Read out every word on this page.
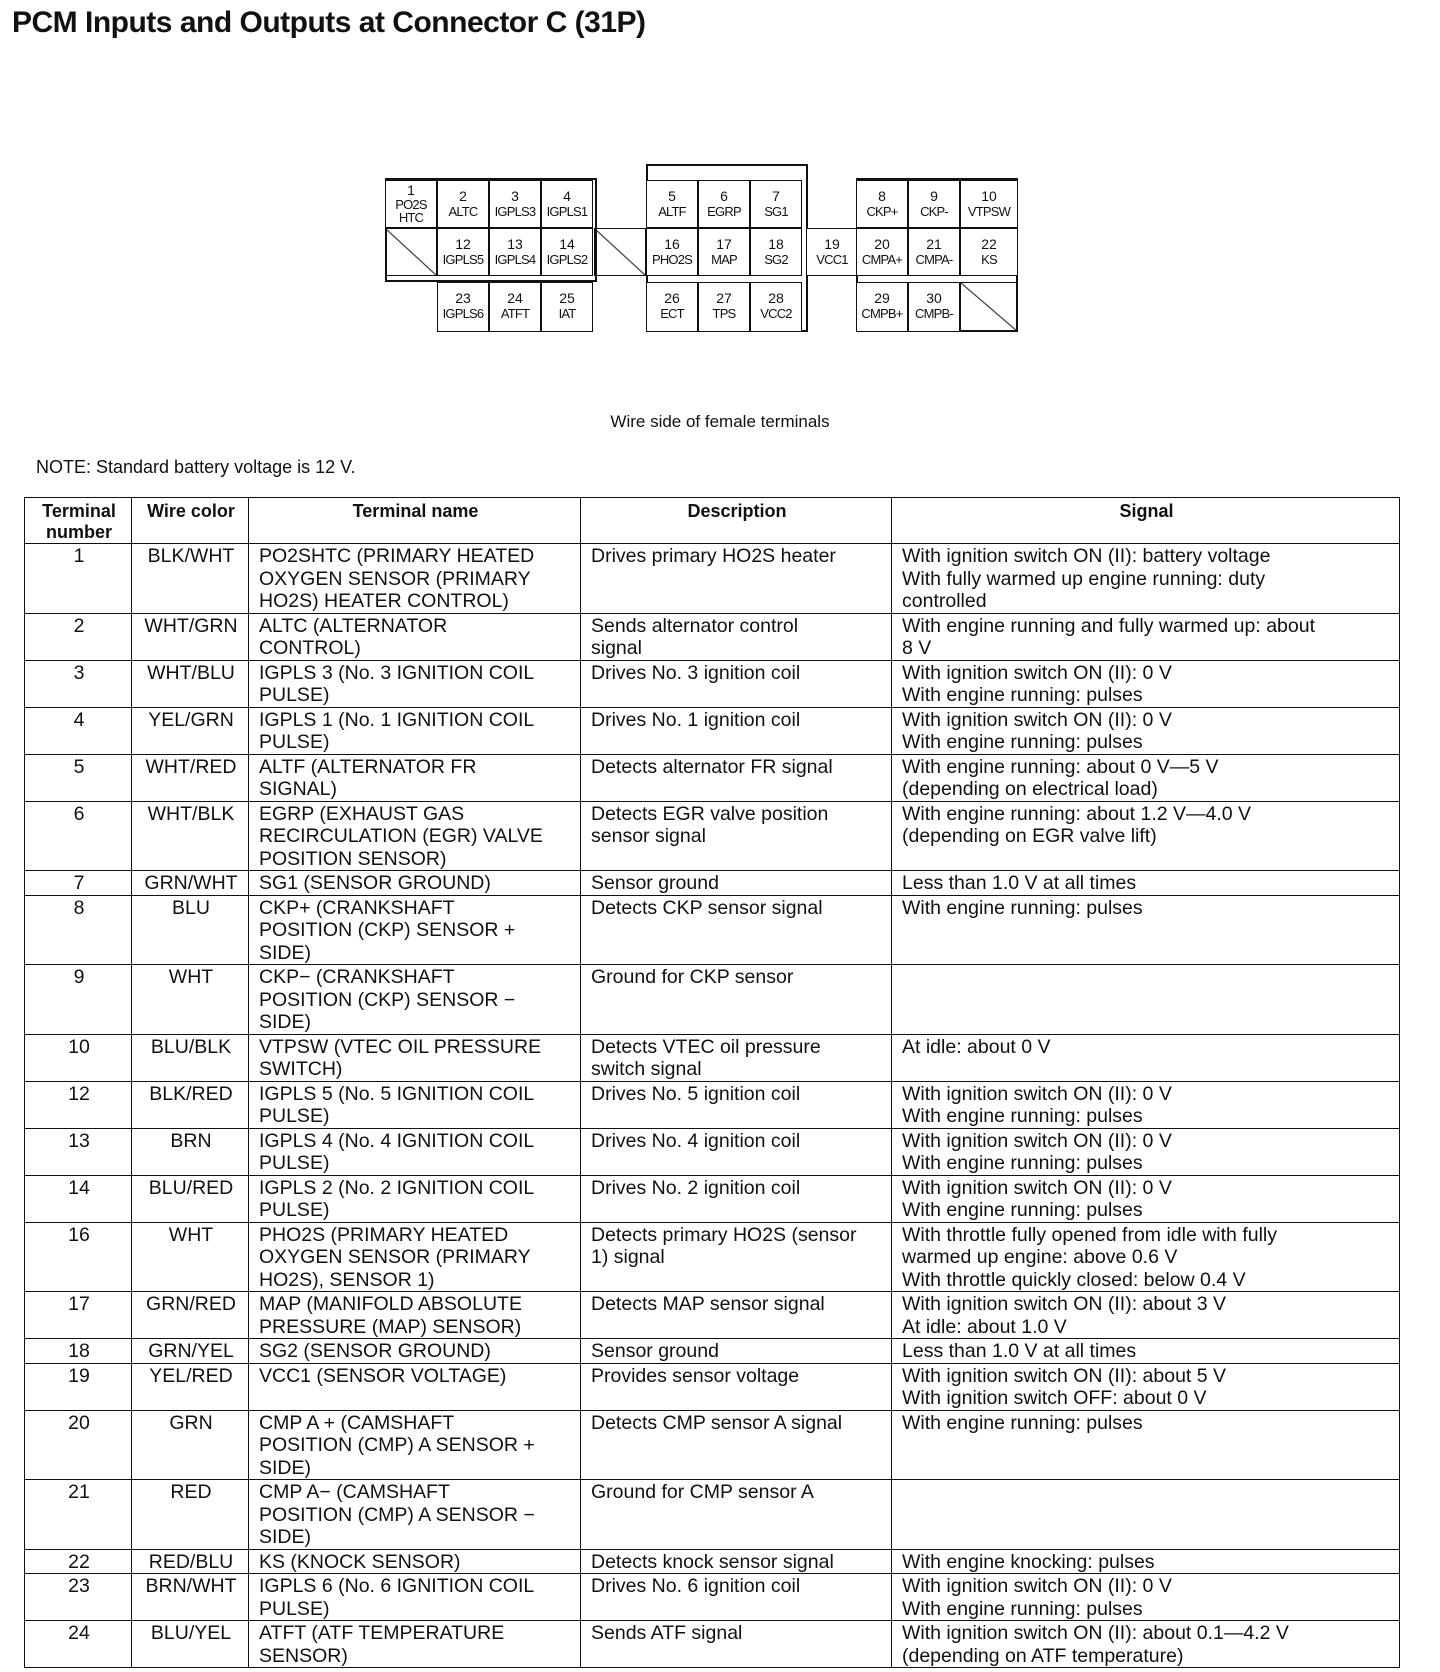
PCM Inputs and Outputs at Connector C (31P)
1
PO2S
HTC
2
ALTC
3
IGPLS3
4
IGPLS1
5
ALTF
6
EGRP
7
SG1
8
CKP+
9
CKP-
10
VTPSW
12
IGPLS5
13
IGPLS4
14
IGPLS2
16
PHO2S
17
MAP
18
SG2
19
VCC1
20
CMPA+
21
CMPA-
22
KS
23
IGPLS6
24
ATFT
25
IAT
26
ECT
27
TPS
28
VCC2
29
CMPB+
30
CMPB-
Wire side of female terminals
NOTE: Standard battery voltage is 12 V.
Terminal
number	Wire color	Terminal name	Description	Signal
1	BLK/WHT	PO2SHTC (PRIMARY HEATED
OXYGEN SENSOR (PRIMARY
HO2S) HEATER CONTROL)	Drives primary HO2S heater	With ignition switch ON (II): battery voltage
With fully warmed up engine running: duty
controlled
2	WHT/GRN	ALTC (ALTERNATOR
CONTROL)	Sends alternator control
signal	With engine running and fully warmed up: about
8 V
3	WHT/BLU	IGPLS 3 (No. 3 IGNITION COIL
PULSE)	Drives No. 3 ignition coil	With ignition switch ON (II): 0 V
With engine running: pulses
4	YEL/GRN	IGPLS 1 (No. 1 IGNITION COIL
PULSE)	Drives No. 1 ignition coil	With ignition switch ON (II): 0 V
With engine running: pulses
5	WHT/RED	ALTF (ALTERNATOR FR
SIGNAL)	Detects alternator FR signal	With engine running: about 0 V—5 V
(depending on electrical load)
6	WHT/BLK	EGRP (EXHAUST GAS
RECIRCULATION (EGR) VALVE
POSITION SENSOR)	Detects EGR valve position
sensor signal	With engine running: about 1.2 V—4.0 V
(depending on EGR valve lift)
7	GRN/WHT	SG1 (SENSOR GROUND)	Sensor ground	Less than 1.0 V at all times
8	BLU	CKP+ (CRANKSHAFT
POSITION (CKP) SENSOR +
SIDE)	Detects CKP sensor signal	With engine running: pulses
9	WHT	CKP− (CRANKSHAFT
POSITION (CKP) SENSOR −
SIDE)	Ground for CKP sensor	
10	BLU/BLK	VTPSW (VTEC OIL PRESSURE
SWITCH)	Detects VTEC oil pressure
switch signal	At idle: about 0 V
12	BLK/RED	IGPLS 5 (No. 5 IGNITION COIL
PULSE)	Drives No. 5 ignition coil	With ignition switch ON (II): 0 V
With engine running: pulses
13	BRN	IGPLS 4 (No. 4 IGNITION COIL
PULSE)	Drives No. 4 ignition coil	With ignition switch ON (II): 0 V
With engine running: pulses
14	BLU/RED	IGPLS 2 (No. 2 IGNITION COIL
PULSE)	Drives No. 2 ignition coil	With ignition switch ON (II): 0 V
With engine running: pulses
16	WHT	PHO2S (PRIMARY HEATED
OXYGEN SENSOR (PRIMARY
HO2S), SENSOR 1)	Detects primary HO2S (sensor
1) signal	With throttle fully opened from idle with fully
warmed up engine: above 0.6 V
With throttle quickly closed: below 0.4 V
17	GRN/RED	MAP (MANIFOLD ABSOLUTE
PRESSURE (MAP) SENSOR)	Detects MAP sensor signal	With ignition switch ON (II): about 3 V
At idle: about 1.0 V
18	GRN/YEL	SG2 (SENSOR GROUND)	Sensor ground	Less than 1.0 V at all times
19	YEL/RED	VCC1 (SENSOR VOLTAGE)	Provides sensor voltage	With ignition switch ON (II): about 5 V
With ignition switch OFF: about 0 V
20	GRN	CMP A + (CAMSHAFT
POSITION (CMP) A SENSOR +
SIDE)	Detects CMP sensor A signal	With engine running: pulses
21	RED	CMP A− (CAMSHAFT
POSITION (CMP) A SENSOR −
SIDE)	Ground for CMP sensor A	
22	RED/BLU	KS (KNOCK SENSOR)	Detects knock sensor signal	With engine knocking: pulses
23	BRN/WHT	IGPLS 6 (No. 6 IGNITION COIL
PULSE)	Drives No. 6 ignition coil	With ignition switch ON (II): 0 V
With engine running: pulses
24	BLU/YEL	ATFT (ATF TEMPERATURE
SENSOR)	Sends ATF signal	With ignition switch ON (II): about 0.1—4.2 V
(depending on ATF temperature)
